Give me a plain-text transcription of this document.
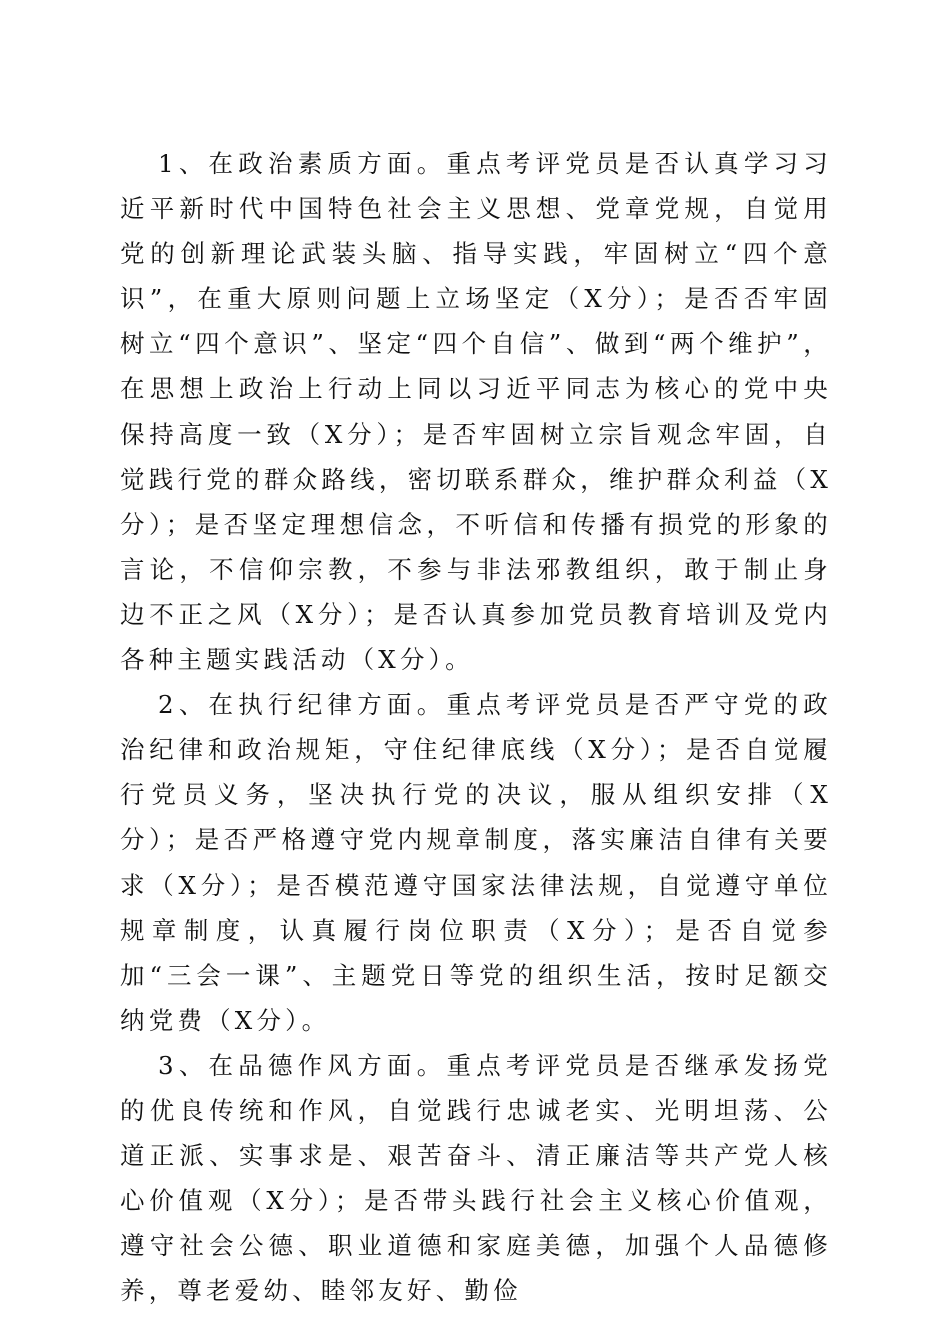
1、在政治素质方面。重点考评党员是否认真学习习近平新时代中国特色社会主义思想、党章党规，自觉用党的创新理论武装头脑、指导实践，牢固树立“四个意识”，在重大原则问题上立场坚定（X分）；是否否牢固树立“四个意识”、坚定“四个自信”、做到“两个维护”，在思想上政治上行动上同以习近平同志为核心的党中央保持高度一致（X分）；是否牢固树立宗旨观念牢固，自觉践行党的群众路线，密切联系群众，维护群众利益（X分）；是否坚定理想信念，不听信和传播有损党的形象的言论，不信仰宗教，不参与非法邪教组织，敢于制止身边不正之风（X分）；是否认真参加党员教育培训及党内各种主题实践活动（X分）。

2、在执行纪律方面。重点考评党员是否严守党的政治纪律和政治规矩，守住纪律底线（X分）；是否自觉履行党员义务，坚决执行党的决议，服从组织安排（X分）；是否严格遵守党内规章制度，落实廉洁自律有关要求（X分）；是否模范遵守国家法律法规，自觉遵守单位规章制度，认真履行岗位职责（X分）；是否自觉参加“三会一课”、主题党日等党的组织生活，按时足额交纳党费（X分）。

3、在品德作风方面。重点考评党员是否继承发扬党的优良传统和作风，自觉践行忠诚老实、光明坦荡、公道正派、实事求是、艰苦奋斗、清正廉洁等共产党人核心价值观（X分）；是否带头践行社会主义核心价值观，遵守社会公德、职业道德和家庭美德，加强个人品德修养，尊老爱幼、睦邻友好、勤俭
